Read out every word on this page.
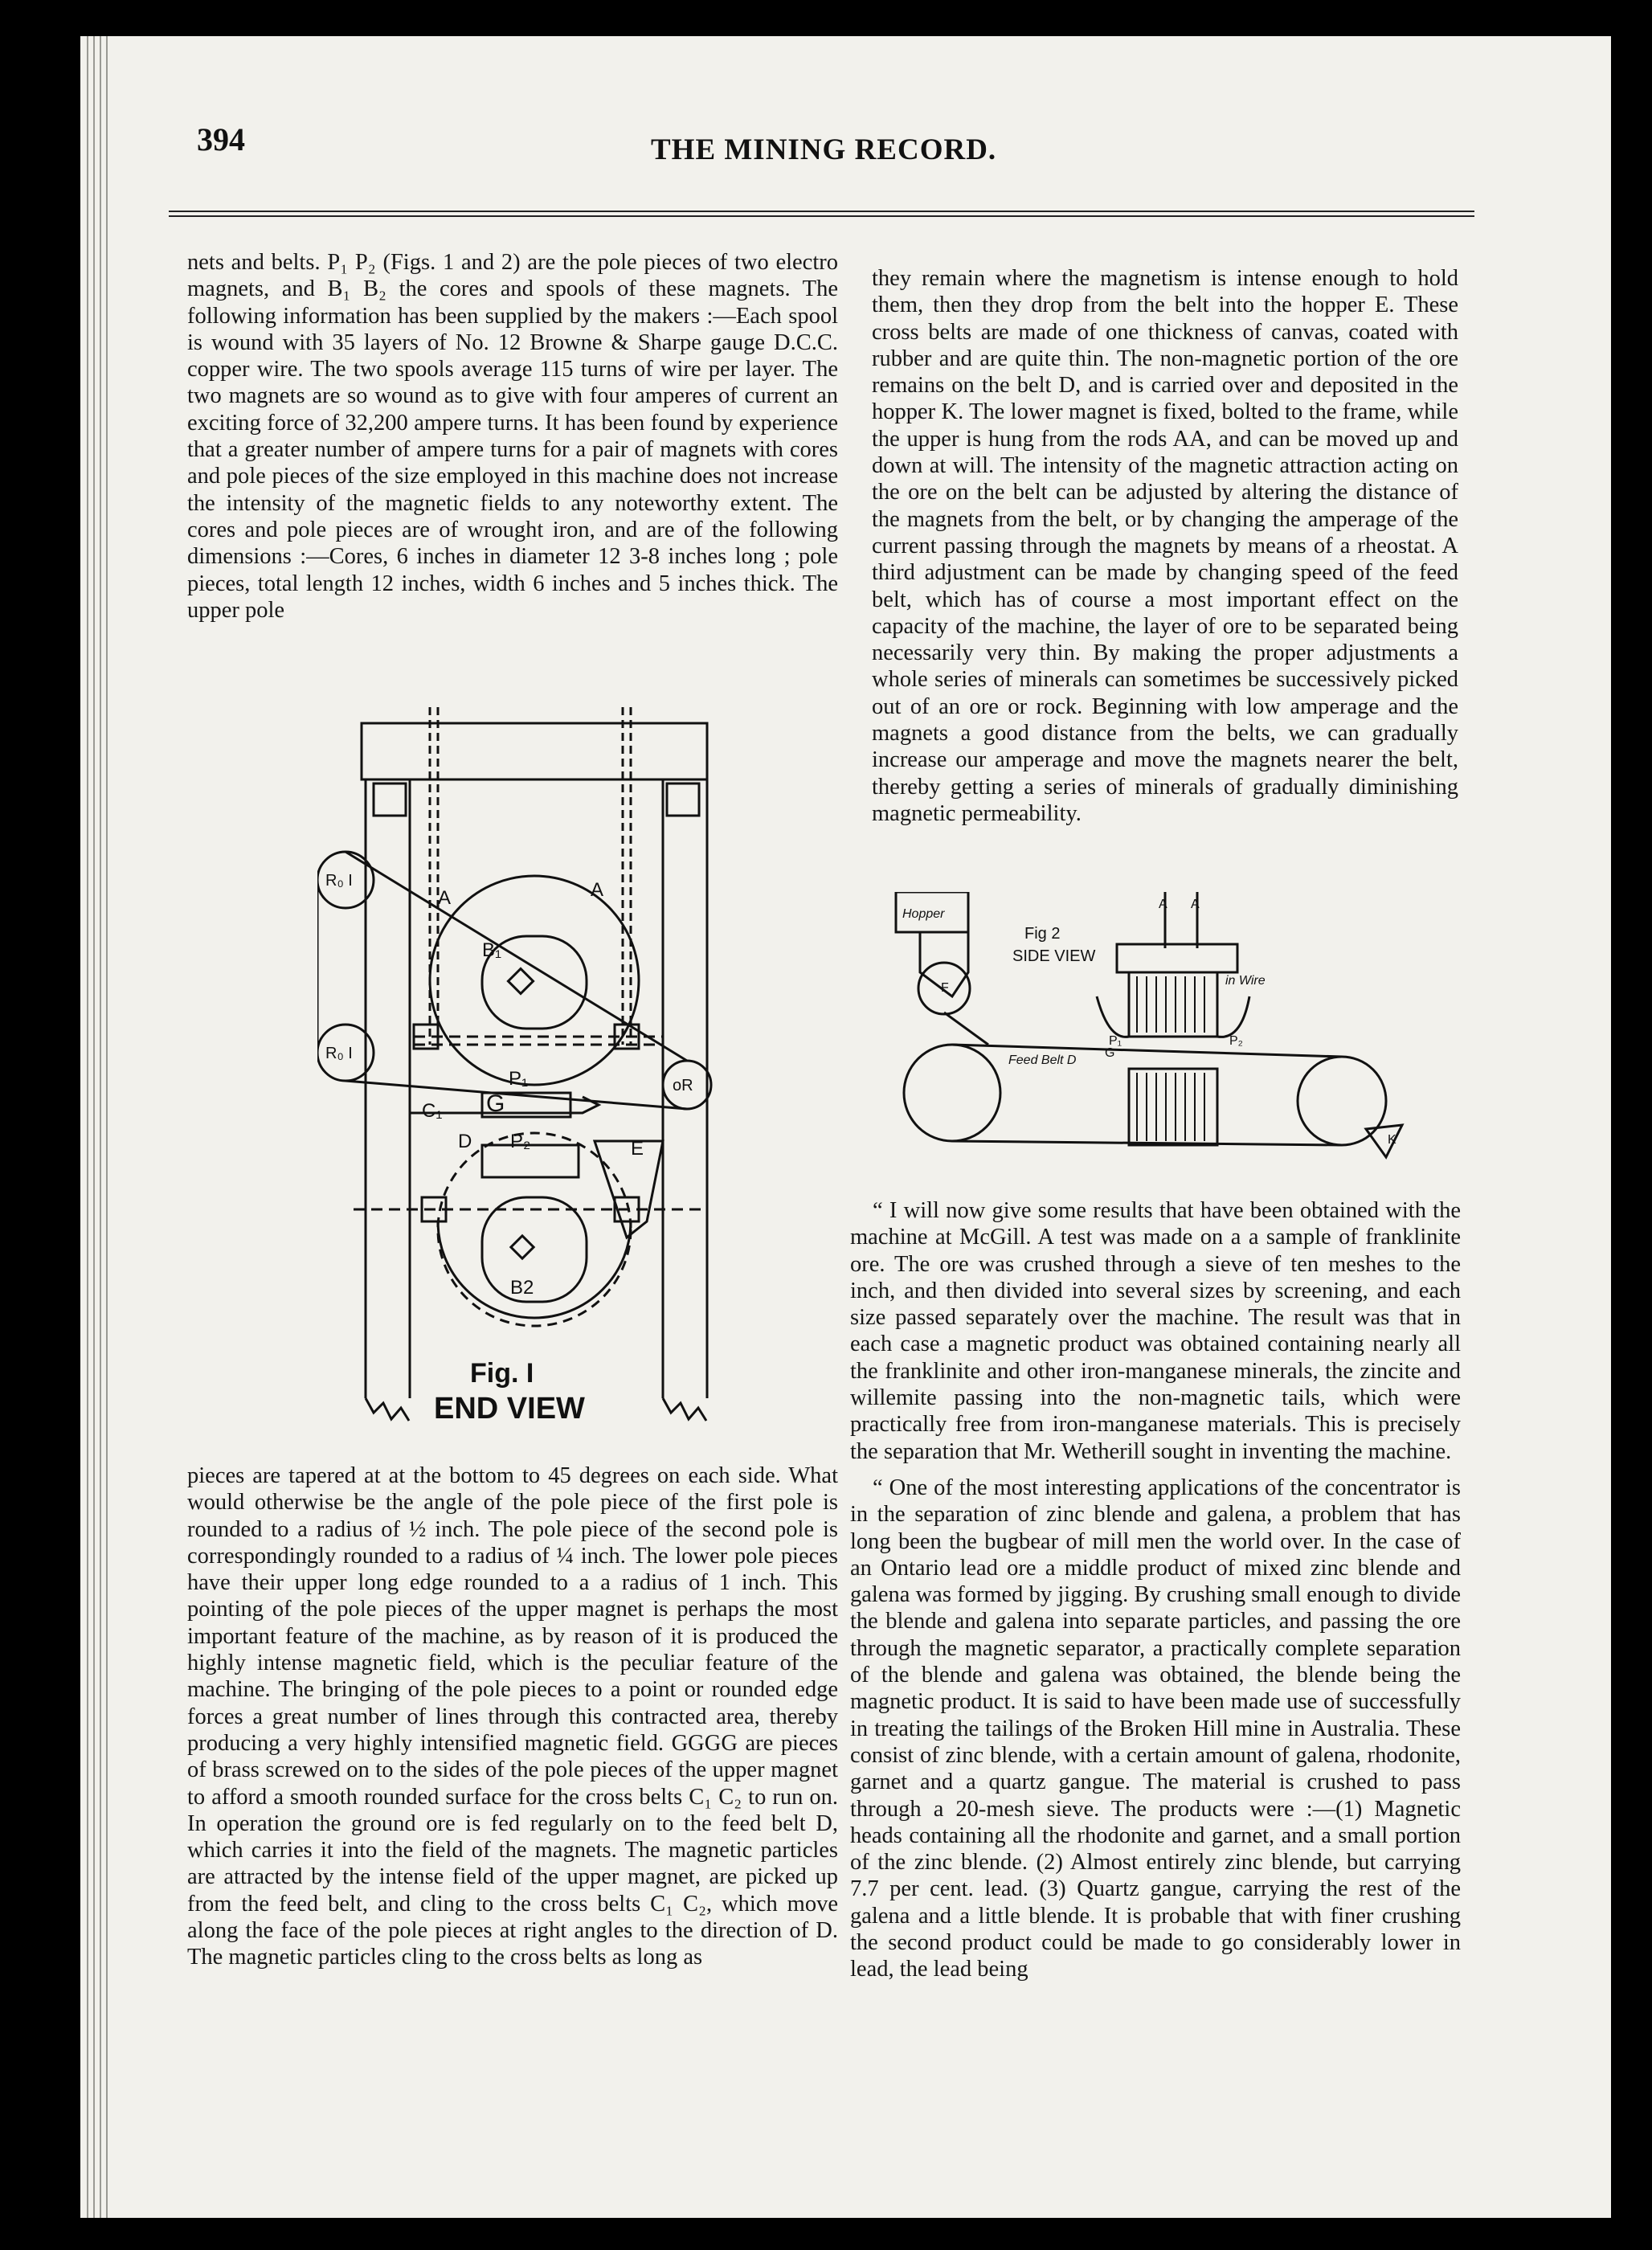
394	THE MINING RECORD.

nets and belts. P₁ P₂ (Figs. 1 and 2) are the pole pieces of two electro magnets, and B₁ B₂ the cores and spools of these magnets. The following information has been supplied by the makers :—Each spool is wound with 35 layers of No. 12 Browne & Sharpe gauge D.C.C. copper wire. The two spools average 115 turns of wire per layer. The two magnets are so wound as to give with four amperes of current an exciting force of 32,200 ampere turns. It has been found by experience that a greater number of ampere turns for a pair of magnets with cores and pole pieces of the size employed in this machine does not increase the intensity of the magnetic fields to any noteworthy extent. The cores and pole pieces are of wrought iron, and are of the following dimensions :—Cores, 6 inches in diameter 12 3-8 inches long ; pole pieces, total length 12 inches, width 6 inches and 5 inches thick. The upper pole

A	A
B₁
P₁
G
C₁
D P₂	E
B2
R₀ I
R₀ I
oR
Fig. I
END VIEW

pieces are tapered at at the bottom to 45 degrees on each side. What would otherwise be the angle of the pole piece of the first pole is rounded to a radius of ½ inch. The pole piece of the second pole is correspondingly rounded to a radius of ¼ inch. The lower pole pieces have their upper long edge rounded to a a radius of 1 inch. This pointing of the pole pieces of the upper magnet is perhaps the most important feature of the machine, as by reason of it is produced the highly intense magnetic field, which is the peculiar feature of the machine. The bringing of the pole pieces to a point or rounded edge forces a great number of lines through this contracted area, thereby producing a very highly intensified magnetic field. GGGG are pieces of brass screwed on to the sides of the pole pieces of the upper magnet to afford a smooth rounded surface for the cross belts C₁ C₂ to run on. In operation the ground ore is fed regularly on to the feed belt D, which carries it into the field of the magnets. The magnetic particles are attracted by the intense field of the upper magnet, are picked up from the feed belt, and cling to the cross belts C₁ C₂, which move along the face of the pole pieces at right angles to the direction of D. The magnetic particles cling to the cross belts as long as

they remain where the magnetism is intense enough to hold them, then they drop from the belt into the hopper E. These cross belts are made of one thickness of canvas, coated with rubber and are quite thin. The non-magnetic portion of the ore remains on the belt D, and is carried over and deposited in the hopper K. The lower magnet is fixed, bolted to the frame, while the upper is hung from the rods AA, and can be moved up and down at will. The intensity of the magnetic attraction acting on the ore on the belt can be adjusted by altering the distance of the magnets from the belt, or by changing the amperage of the current passing through the magnets by means of a rheostat. A third adjustment can be made by changing speed of the feed belt, which has of course a most important effect on the capacity of the machine, the layer of ore to be separated being necessarily very thin. By making the proper adjustments a whole series of minerals can sometimes be successively picked out of an ore or rock. Beginning with low amperage and the magnets a good distance from the belts, we can gradually increase our amperage and move the magnets nearer the belt, thereby getting a series of minerals of gradually diminishing magnetic permeability.

Hopper
F
A A
in Wire
P₁	P₂
G
Feed Belt D
K
Fig 2
SIDE VIEW

“ I will now give some results that have been obtained with the machine at McGill. A test was made on a a sample of franklinite ore. The ore was crushed through a sieve of ten meshes to the inch, and then divided into several sizes by screening, and each size passed separately over the machine. The result was that in each case a magnetic product was obtained containing nearly all the franklinite and other iron-manganese minerals, the zincite and willemite passing into the non-magnetic tails, which were practically free from iron-manganese materials. This is precisely the separation that Mr. Wetherill sought in inventing the machine.

“ One of the most interesting applications of the concentrator is in the separation of zinc blende and galena, a problem that has long been the bugbear of mill men the world over. In the case of an Ontario lead ore a middle product of mixed zinc blende and galena was formed by jigging. By crushing small enough to divide the blende and galena into separate particles, and passing the ore through the magnetic separator, a practically complete separation of the blende and galena was obtained, the blende being the magnetic product. It is said to have been made use of successfully in treating the tailings of the Broken Hill mine in Australia. These consist of zinc blende, with a certain amount of galena, rhodonite, garnet and a quartz gangue. The material is crushed to pass through a 20-mesh sieve. The products were :—(1) Magnetic heads containing all the rhodonite and garnet, and a small portion of the zinc blende. (2) Almost entirely zinc blende, but carrying 7.7 per cent. lead. (3) Quartz gangue, carrying the rest of the galena and a little blende. It is probable that with finer crushing the second product could be made to go considerably lower in lead, the lead being
